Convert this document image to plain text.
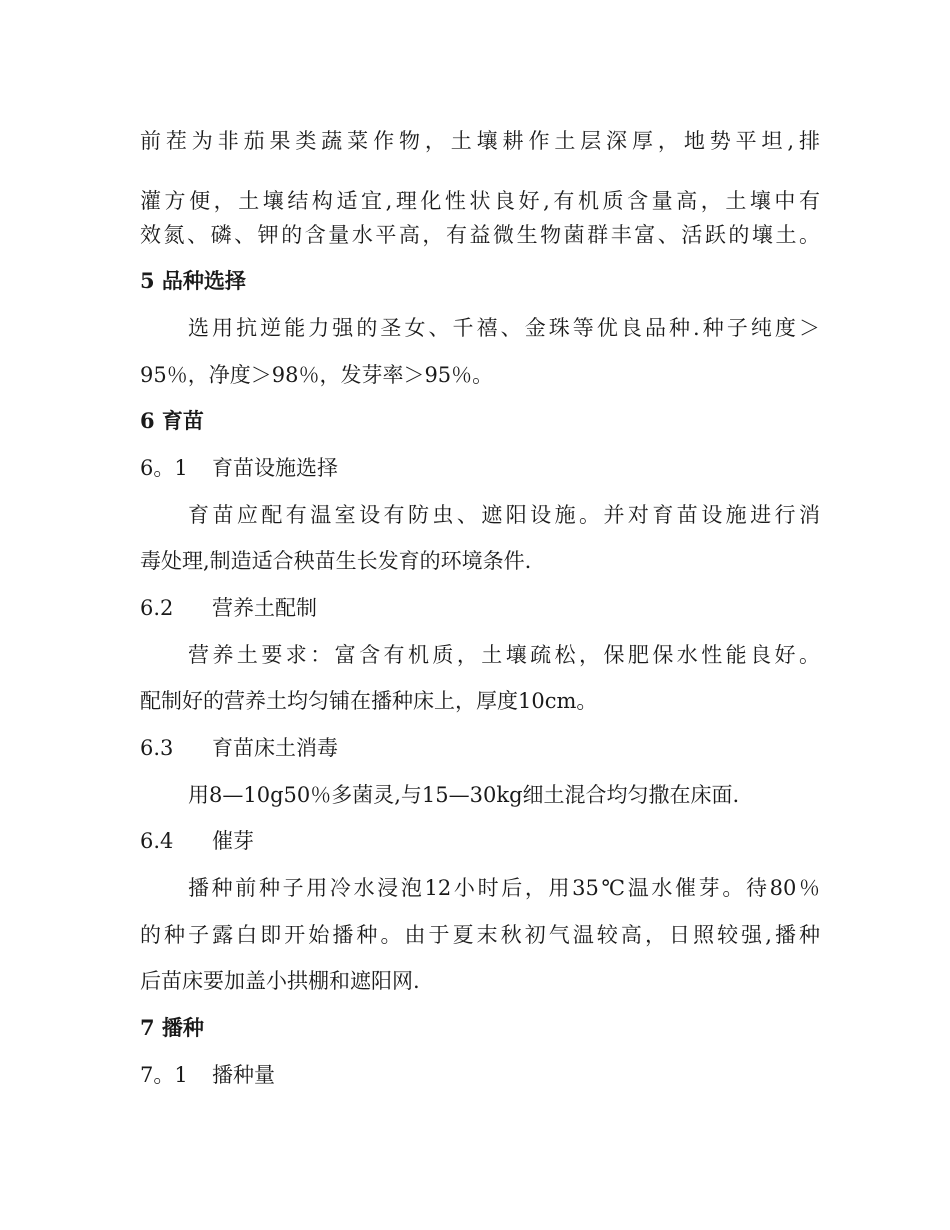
前茬为非茄果类蔬菜作物，土壤耕作土层深厚，地势平坦,排
灌方便，土壤结构适宜,理化性状良好,有机质含量高，土壤中有
效氮、磷、钾的含量水平高，有益微生物菌群丰富、活跃的壤土。
5 品种选择
选用抗逆能力强的圣女、千禧、金珠等优良品种.种子纯度＞
95％，净度＞98％，发芽率＞95％。
6 育苗
6。1 育苗设施选择
育苗应配有温室设有防虫、遮阳设施。并对育苗设施进行消
毒处理,制造适合秧苗生长发育的环境条件.
6.2 营养土配制
营养土要求：富含有机质，土壤疏松，保肥保水性能良好。
配制好的营养土均匀铺在播种床上，厚度10cm。
6.3 育苗床土消毒
用8—10g50％多菌灵,与15—30kg细土混合均匀撒在床面.
6.4 催芽
播种前种子用冷水浸泡12小时后，用35℃温水催芽。待80％
的种子露白即开始播种。由于夏末秋初气温较高，日照较强,播种
后苗床要加盖小拱棚和遮阳网.
7 播种
7。1 播种量
